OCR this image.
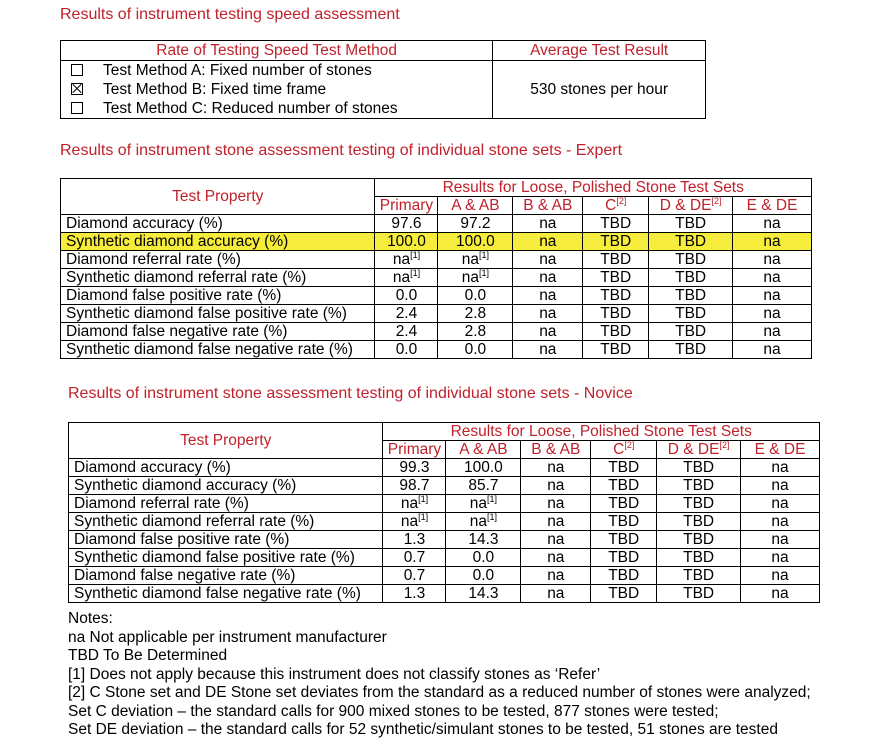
Results of instrument testing speed assessment
Rate of Testing Speed Test Method	Average Test Result
Test Method A: Fixed number of stones	530 stones per hour
Test Method B: Fixed time frame	
Test Method C: Reduced number of stones	
Results of instrument stone assessment testing of individual stone sets - Expert
Test Property	Results for Loose, Polished Stone Test Sets					
	Primary	A & AB	B & AB	C[2]	D & DE[2]	E & DE
Diamond accuracy (%)	97.6	97.2	na	TBD	TBD	na
Synthetic diamond accuracy (%)	100.0	100.0	na	TBD	TBD	na
Diamond referral rate (%)	na[1]	na[1]	na	TBD	TBD	na
Synthetic diamond referral rate (%)	na[1]	na[1]	na	TBD	TBD	na
Diamond false positive rate (%)	0.0	0.0	na	TBD	TBD	na
Synthetic diamond false positive rate (%)	2.4	2.8	na	TBD	TBD	na
Diamond false negative rate (%)	2.4	2.8	na	TBD	TBD	na
Synthetic diamond false negative rate (%)	0.0	0.0	na	TBD	TBD	na
Results of instrument stone assessment testing of individual stone sets - Novice
Test Property	Results for Loose, Polished Stone Test Sets					
	Primary	A & AB	B & AB	C[2]	D & DE[2]	E & DE
Diamond accuracy (%)	99.3	100.0	na	TBD	TBD	na
Synthetic diamond accuracy (%)	98.7	85.7	na	TBD	TBD	na
Diamond referral rate (%)	na[1]	na[1]	na	TBD	TBD	na
Synthetic diamond referral rate (%)	na[1]	na[1]	na	TBD	TBD	na
Diamond false positive rate (%)	1.3	14.3	na	TBD	TBD	na
Synthetic diamond false positive rate (%)	0.7	0.0	na	TBD	TBD	na
Diamond false negative rate (%)	0.7	0.0	na	TBD	TBD	na
Synthetic diamond false negative rate (%)	1.3	14.3	na	TBD	TBD	na
Notes:
na Not applicable per instrument manufacturer
TBD To Be Determined
[1] Does not apply because this instrument does not classify stones as ‘Refer’
[2] C Stone set and DE Stone set deviates from the standard as a reduced number of stones were analyzed;
Set C deviation – the standard calls for 900 mixed stones to be tested, 877 stones were tested;
Set DE deviation – the standard calls for 52 synthetic/simulant stones to be tested, 51 stones are tested
